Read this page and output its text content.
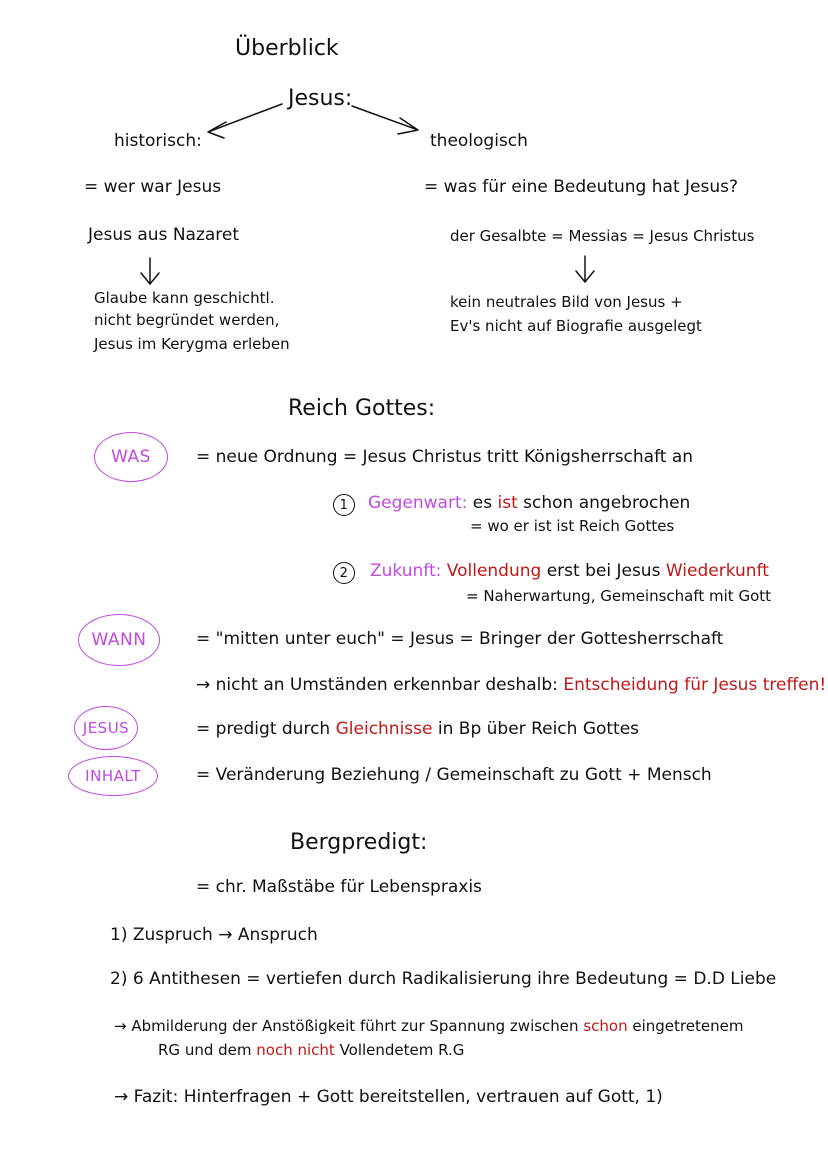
Überblick
Jesus:
historisch:	theologisch
= wer war Jesus
Jesus aus Nazaret
= was für eine Bedeutung hat Jesus?
der Gesalbte = Messias = Jesus Christus
Glaube kann geschichtl.
nicht begründet werden,
Jesus im Kerygma erleben
kein neutrales Bild von Jesus +
Ev's nicht auf Biografie ausgelegt
Reich Gottes:
WAS	= neue Ordnung = Jesus Christus tritt Königsherrschaft an
1	Gegenwart: es ist schon angebrochen
= wo er ist ist Reich Gottes
2	Zukunft: Vollendung erst bei Jesus Wiederkunft
= Naherwartung, Gemeinschaft mit Gott
WANN	= "mitten unter euch" = Jesus = Bringer der Gottesherrschaft
→ nicht an Umständen erkennbar deshalb: Entscheidung für Jesus treffen!
JESUS	= predigt durch Gleichnisse in Bp über Reich Gottes
INHALT	= Veränderung Beziehung / Gemeinschaft zu Gott + Mensch
Bergpredigt:
= chr. Maßstäbe für Lebenspraxis
1) Zuspruch → Anspruch
2) 6 Antithesen = vertiefen durch Radikalisierung ihre Bedeutung = D.D Liebe
→ Abmilderung der Anstößigkeit führt zur Spannung zwischen schon eingetretenem
RG und dem noch nicht Vollendetem R.G
→ Fazit: Hinterfragen + Gott bereitstellen, vertrauen auf Gott, 1)
